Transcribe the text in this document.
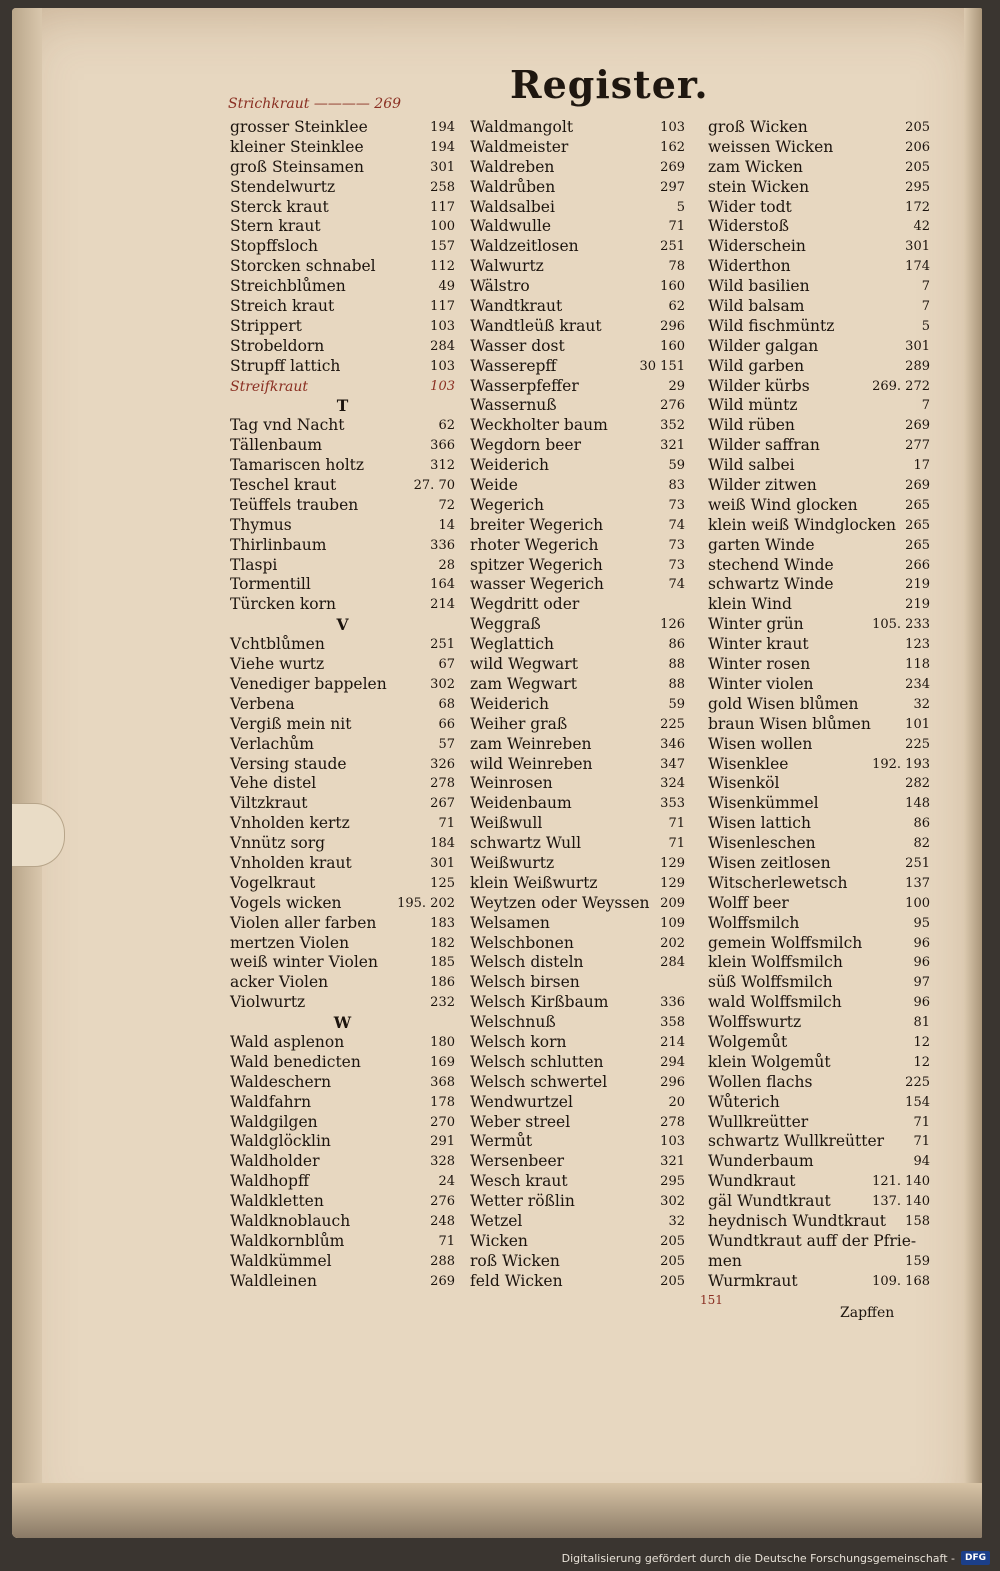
Register.
Strichkraut ———— 269
grosser Steinklee	194
kleiner Steinklee	194
groß Steinsamen	301
Stendelwurtz	258
Sterck kraut	117
Stern kraut	100
Stopffsloch	157
Storcken schnabel	112
Streichblůmen	49
Streich kraut	117
Strippert	103
Strobeldorn	284
Strupff lattich	103
Streifkraut	103
T
Tag vnd Nacht	62
Tällenbaum	366
Tamariscen holtz	312
Teschel kraut	27. 70
Teüffels trauben	72
Thymus	14
Thirlinbaum	336
Tlaspi	28
Tormentill	164
Türcken korn	214
V
Vchtblůmen	251
Viehe wurtz	67
Venediger bappelen	302
Verbena	68
Vergiß mein nit	66
Verlachům	57
Versing staude	326
Vehe distel	278
Viltzkraut	267
Vnholden kertz	71
Vnnütz sorg	184
Vnholden kraut	301
Vogelkraut	125
Vogels wicken	195. 202
Violen aller farben	183
mertzen Violen	182
weiß winter Violen	185
acker Violen	186
Violwurtz	232
W
Wald asplenon	180
Wald benedicten	169
Waldeschern	368
Waldfahrn	178
Waldgilgen	270
Waldglöcklin	291
Waldholder	328
Waldhopff	24
Waldkletten	276
Waldknoblauch	248
Waldkornblům	71
Waldkümmel	288
Waldleinen	269
Waldmangolt	103
Waldmeister	162
Waldreben	269
Waldrůben	297
Waldsalbei	5
Waldwulle	71
Waldzeitlosen	251
Walwurtz	78
Wälstro	160
Wandtkraut	62
Wandtleüß kraut	296
Wasser dost	160
Wasserepff	30 151
Wasserpfeffer	29
Wassernuß	276
Weckholter baum	352
Wegdorn beer	321
Weiderich	59
Weide	83
Wegerich	73
breiter Wegerich	74
rhoter Wegerich	73
spitzer Wegerich	73
wasser Wegerich	74
Wegdritt oder
Weggraß	126
Weglattich	86
wild Wegwart	88
zam Wegwart	88
Weiderich	59
Weiher graß	225
zam Weinreben	346
wild Weinreben	347
Weinrosen	324
Weidenbaum	353
Weißwull	71
schwartz Wull	71
Weißwurtz	129
klein Weißwurtz	129
Weytzen oder Weyssen 209
Welsamen	109
Welschbonen	202
Welsch disteln	284
Welsch birsen
Welsch Kirßbaum	336
Welschnuß	358
Welsch korn	214
Welsch schlutten	294
Welsch schwertel	296
Wendwurtzel	20
Weber streel	278
Wermůt	103
Wersenbeer	321
Wesch kraut	295
Wetter rößlin	302
Wetzel	32
Wicken	205
roß Wicken	205
feld Wicken	205
groß Wicken	205
weissen Wicken	206
zam Wicken	205
stein Wicken	295
Wider todt	172
Widerstoß	42
Widerschein	301
Widerthon	174
Wild basilien	7
Wild balsam	7
Wild fischmüntz	5
Wilder galgan	301
Wild garben	289
Wilder kürbs	269. 272
Wild müntz	7
Wild rüben	269
Wilder saffran	277
Wild salbei	17
Wilder zitwen	269
weiß Wind glocken	265
klein weiß Windglocken 265
garten Winde	265
stechend Winde	266
schwartz Winde	219
klein Wind	219
Winter grün	105. 233
Winter kraut	123
Winter rosen	118
Winter violen	234
gold Wisen blůmen	32
braun Wisen blůmen	101
Wisen wollen	225
Wisenklee	192. 193
Wisenköl	282
Wisenkümmel	148
Wisen lattich	86
Wisenleschen	82
Wisen zeitlosen	251
Witscherlewetsch	137
Wolff beer	100
Wolffsmilch	95
gemein Wolffsmilch	96
klein Wolffsmilch	96
süß Wolffsmilch	97
wald Wolffsmilch	96
Wolffswurtz	81
Wolgemůt	12
klein Wolgemůt	12
Wollen flachs	225
Wůterich	154
Wullkreütter	71
schwartz Wullkreütter 71
Wunderbaum	94
Wundkraut	121. 140
gäl Wundtkraut	137. 140
heydnisch Wundtkraut 158
Wundtkraut auff der Pfrie-
men	159
Wurmkraut	109. 168
151
Zapffen
Digitalisierung gefördert durch die Deutsche Forschungsgemeinschaft -	DFG
